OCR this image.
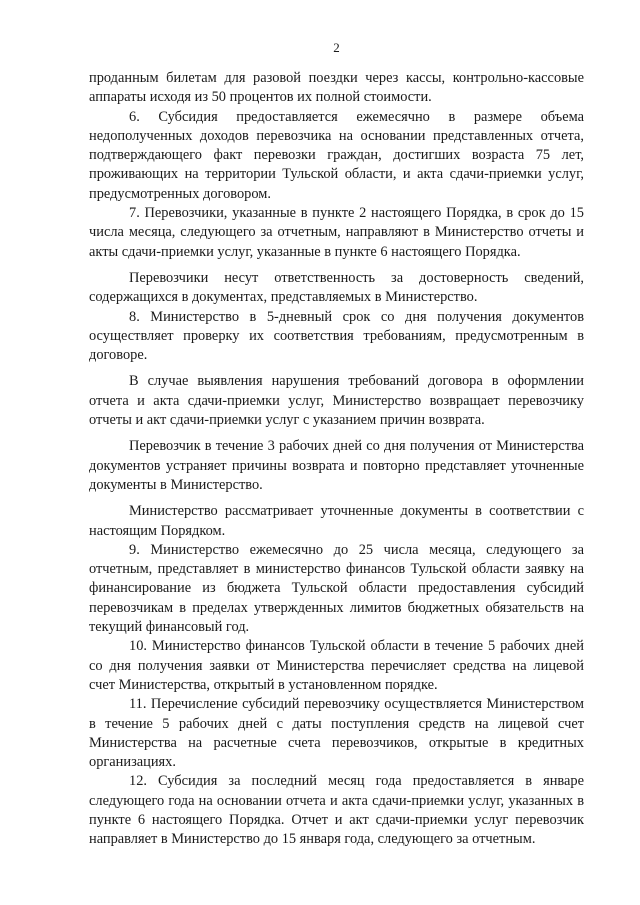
2

проданным билетам для разовой поездки через кассы, контрольно-кассовые аппараты исходя из 50 процентов их полной стоимости.

6. Субсидия предоставляется ежемесячно в размере объема недополученных доходов перевозчика на основании представленных отчета, подтверждающего факт перевозки граждан, достигших возраста 75 лет, проживающих на территории Тульской области, и акта сдачи-приемки услуг, предусмотренных договором.

7. Перевозчики, указанные в пункте 2 настоящего Порядка, в срок до 15 числа месяца, следующего за отчетным, направляют в Министерство отчеты и акты сдачи-приемки услуг, указанные в пункте 6 настоящего Порядка.

Перевозчики несут ответственность за достоверность сведений, содержащихся в документах, представляемых в Министерство.

8. Министерство в 5-дневный срок со дня получения документов осуществляет проверку их соответствия требованиям, предусмотренным в договоре.

В случае выявления нарушения требований договора в оформлении отчета и акта сдачи-приемки услуг, Министерство возвращает перевозчику отчеты и акт сдачи-приемки услуг с указанием причин возврата.

Перевозчик в течение 3 рабочих дней со дня получения от Министерства документов устраняет причины возврата и повторно представляет уточненные документы в Министерство.

Министерство рассматривает уточненные документы в соответствии с настоящим Порядком.

9. Министерство ежемесячно до 25 числа месяца, следующего за отчетным, представляет в министерство финансов Тульской области заявку на финансирование из бюджета Тульской области предоставления субсидий перевозчикам в пределах утвержденных лимитов бюджетных обязательств на текущий финансовый год.

10. Министерство финансов Тульской области в течение 5 рабочих дней со дня получения заявки от Министерства перечисляет средства на лицевой счет Министерства, открытый в установленном порядке.

11. Перечисление субсидий перевозчику осуществляется Министерством в течение 5 рабочих дней с даты поступления средств на лицевой счет Министерства на расчетные счета перевозчиков, открытые в кредитных организациях.

12. Субсидия за последний месяц года предоставляется в январе следующего года на основании отчета и акта сдачи-приемки услуг, указанных в пункте 6 настоящего Порядка. Отчет и акт сдачи-приемки услуг перевозчик направляет в Министерство до 15 января года, следующего за отчетным.
